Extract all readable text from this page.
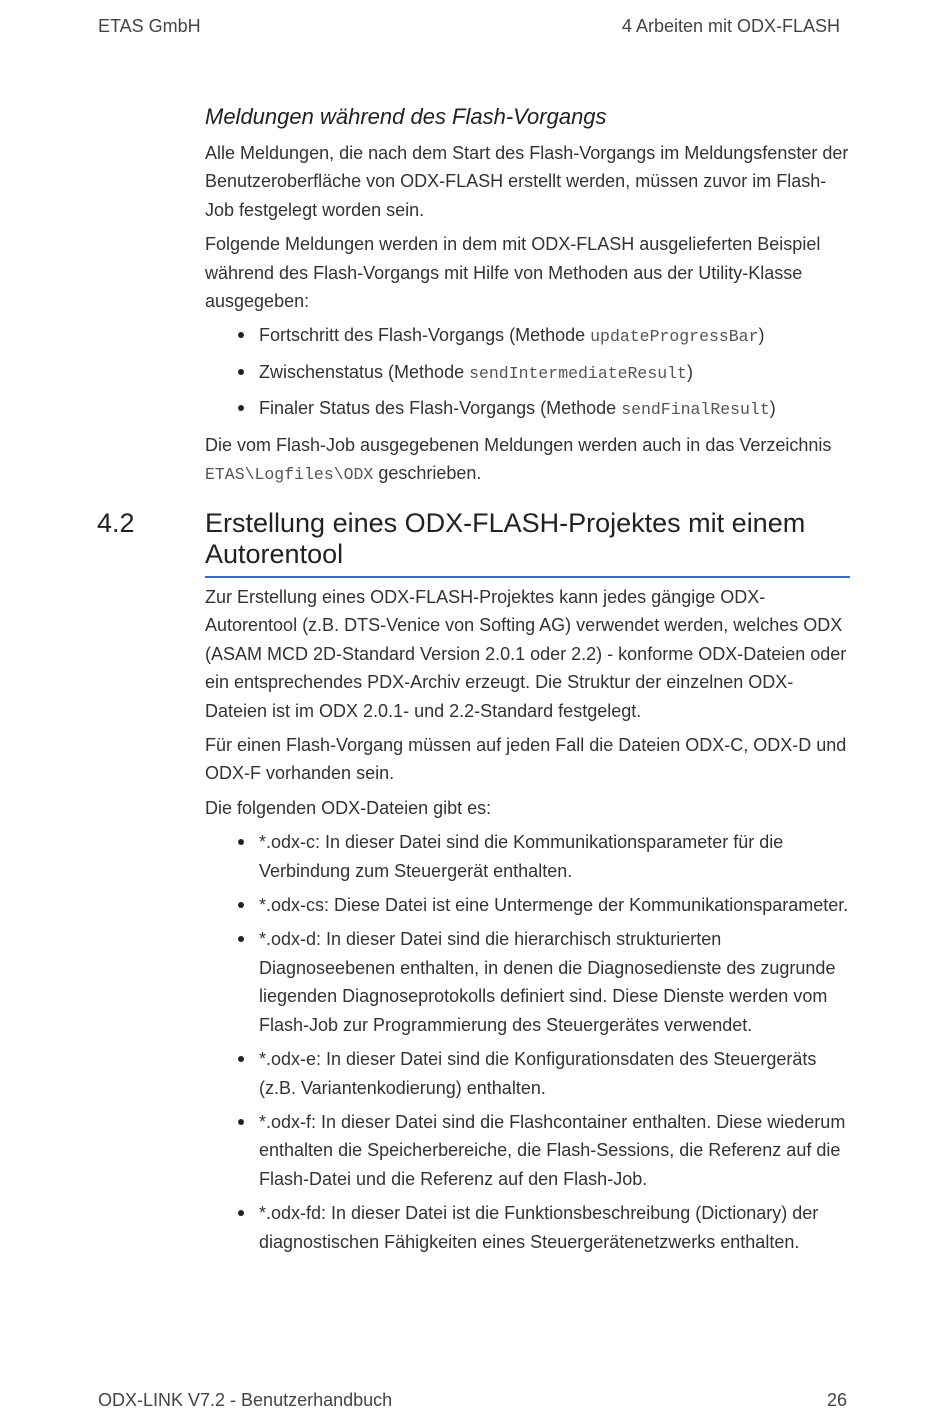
ETAS GmbH	4 Arbeiten mit ODX-FLASH
Meldungen während des Flash-Vorgangs

Alle Meldungen, die nach dem Start des Flash-Vorgangs im Meldungsfenster der Benutzeroberfläche von ODX-FLASH erstellt werden, müssen zuvor im Flash-Job festgelegt worden sein.

Folgende Meldungen werden in dem mit ODX-FLASH ausgelieferten Beispiel während des Flash-Vorgangs mit Hilfe von Methoden aus der Utility-Klasse ausgegeben:

Fortschritt des Flash-Vorgangs (Methode updateProgressBar)
Zwischenstatus (Methode sendIntermediateResult)
Finaler Status des Flash-Vorgangs (Methode sendFinalResult)

Die vom Flash-Job ausgegebenen Meldungen werden auch in das Verzeichnis
ETAS\Logfiles\ODX geschrieben.

4.2	Erstellung eines ODX-FLASH-Projektes mit einem Autorentool

Zur Erstellung eines ODX-FLASH-Projektes kann jedes gängige ODX-Autorentool (z.B. DTS-Venice von Softing AG) verwendet werden, welches ODX (ASAM MCD 2D-Standard Version 2.0.1 oder 2.2) - konforme ODX-Dateien oder ein entsprechendes PDX-Archiv erzeugt. Die Struktur der einzelnen ODX-Dateien ist im ODX 2.0.1- und 2.2-Standard festgelegt.

Für einen Flash-Vorgang müssen auf jeden Fall die Dateien ODX-C, ODX-D und ODX-F vorhanden sein.

Die folgenden ODX-Dateien gibt es:

*.odx-c: In dieser Datei sind die Kommunikationsparameter für die Verbindung zum Steuergerät enthalten.
*.odx-cs: Diese Datei ist eine Untermenge der Kommunikationsparameter.
*.odx-d: In dieser Datei sind die hierarchisch strukturierten Diagnoseebenen enthalten, in denen die Diagnosedienste des zugrunde liegenden Diagnoseprotokolls definiert sind. Diese Dienste werden vom Flash-Job zur Programmierung des Steuergerätes verwendet.
*.odx-e: In dieser Datei sind die Konfigurationsdaten des Steuergeräts (z.B. Variantenkodierung) enthalten.
*.odx-f: In dieser Datei sind die Flashcontainer enthalten. Diese wiederum enthalten die Speicherbereiche, die Flash-Sessions, die Referenz auf die Flash-Datei und die Referenz auf den Flash-Job.
*.odx-fd: In dieser Datei ist die Funktionsbeschreibung (Dictionary) der diagnostischen Fähigkeiten eines Steuergerätenetzwerks enthalten.
ODX-LINK V7.2 - Benutzerhandbuch	26
